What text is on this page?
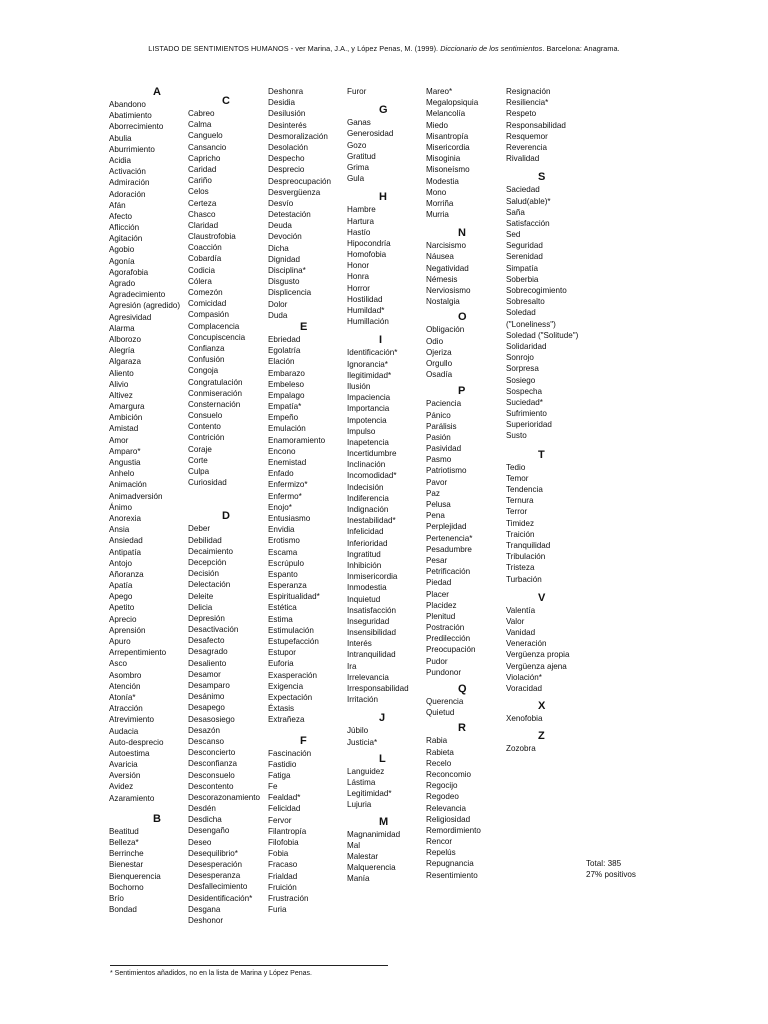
LISTADO DE SENTIMIENTOS HUMANOS - ver Marina, J.A., y López Penas, M. (1999). Diccionario de los sentimientos. Barcelona: Anagrama.
A
Abandono
Abatimiento
Aborrecimiento
Abulia
Aburrimiento
Acidia
Activación
Admiración
Adoración
Afán
Afecto
Aflicción
Agitación
Agobio
Agonía
Agorafobia
Agrado
Agradecimiento
Agresión (agredido)
Agresividad
Alarma
Alborozo
Alegría
Algaraza
Aliento
Alivio
Altivez
Amargura
Ambición
Amistad
Amor
Amparo*
Angustia
Anhelo
Animación
Animadversión
Ánimo
Anorexia
Ansia
Ansiedad
Antipatía
Antojo
Añoranza
Apatía
Apego
Apetito
Aprecio
Aprensión
Apuro
Arrepentimiento
Asco
Asombro
Atención
Atonía*
Atracción
Atrevimiento
Audacia
Auto-desprecio
Autoestima
Avaricia
Aversión
Avidez
Azaramiento
B
Beatitud
Belleza*
Berrinche
Bienestar
Bienquerencia
Bochorno
Brío
Bondad
C
Cabreo
Calma
Canguelo
Cansancio
Capricho
Caridad
Cariño
Celos
Certeza
Chasco
Claridad
Claustrofobia
Coacción
Cobardía
Codicia
Cólera
Comezón
Comicidad
Compasión
Complacencia
Concupiscencia
Confianza
Confusión
Congoja
Congratulación
Conmiseración
Consternación
Consuelo
Contento
Contrición
Coraje
Corte
Culpa
Curiosidad
D
Deber
Debilidad
Decaimiento
Decepción
Decisión
Delectación
Deleite
Delicia
Depresión
Desactivación
Desafecto
Desagrado
Desaliento
Desamor
Desamparo
Desánimo
Desapego
Desasosiego
Desazón
Descanso
Desconcierto
Desconfianza
Desconsuelo
Descontento
Descorazonamiento
Desdén
Desdicha
Desengaño
Deseo
Desequilibrio*
Desesperación
Desesperanza
Desfallecimiento
Desidentificación*
Desgana
Deshonor
Deshonra
Desidia
Desilusión
Desinterés
Desmoralización
Desolación
Despecho
Desprecio
Despreocupación
Desvergüenza
Desvío
Detestación
Deuda
Devoción
Dicha
Dignidad
Disciplina*
Disgusto
Displicencia
Dolor
Duda
E
Ebriedad
Egolatría
Elación
Embarazo
Embeleso
Empalago
Empatía*
Empeño
Emulación
Enamoramiento
Encono
Enemistad
Enfado
Enfermizo*
Enfermo*
Enojo*
Entusiasmo
Envidia
Erotismo
Escama
Escrúpulo
Espanto
Esperanza
Espiritualidad*
Estética
Estima
Estimulación
Estupefacción
Estupor
Euforia
Exasperación
Exigencia
Expectación
Éxtasis
Extrañeza
F
Fascinación
Fastidio
Fatiga
Fe
Fealdad*
Felicidad
Fervor
Filantropía
Filofobia
Fobia
Fracaso
Frialdad
Fruición
Frustración
Furia
Furor
G
Ganas
Generosidad
Gozo
Gratitud
Grima
Gula
H
Hambre
Hartura
Hastío
Hipocondría
Homofobia
Honor
Honra
Horror
Hostilidad
Humildad*
Humillación
I
Identificación*
Ignorancia*
Ilegitimidad*
Ilusión
Impaciencia
Importancia
Impotencia
Impulso
Inapetencia
Incertidumbre
Inclinación
Incomodidad*
Indecisión
Indiferencia
Indignación
Inestabilidad*
Infelicidad
Inferioridad
Ingratitud
Inhibición
Inmisericordia
Inmodestia
Inquietud
Insatisfacción
Inseguridad
Insensibilidad
Interés
Intranquilidad
Ira
Irrelevancia
Irresponsabilidad
Irritación
J
Júbilo
Justicia*
L
Languidez
Lástima
Legitimidad*
Lujuria
M
Magnanimidad
Mal
Malestar
Malquerencia
Manía
Mareo*
Megalopsiquia
Melancolía
Miedo
Misantropía
Misericordia
Misoginia
Misoneísmo
Modestia
Mono
Morriña
Murria
N
Narcisismo
Náusea
Negatividad
Némesis
Nerviosismo
Nostalgia
O
Obligación
Odio
Ojeriza
Orgullo
Osadía
P
Paciencia
Pánico
Parálisis
Pasión
Pasividad
Pasmo
Patriotismo
Pavor
Paz
Pelusa
Pena
Perplejidad
Pertenencia*
Pesadumbre
Pesar
Petrificación
Piedad
Placer
Placidez
Plenitud
Postración
Predilección
Preocupación
Pudor
Pundonor
Q
Querencia
Quietud
R
Rabia
Rabieta
Recelo
Reconcomio
Regocijo
Regodeo
Relevancia
Religiosidad
Remordimiento
Rencor
Repelús
Repugnancia
Resentimiento
Resignación
Resiliencia*
Respeto
Responsabilidad
Resquemor
Reverencia
Rivalidad
S
Saciedad
Salud(able)*
Saña
Satisfacción
Sed
Seguridad
Serenidad
Simpatía
Soberbia
Sobrecogimiento
Sobresalto
Soledad
("Loneliness")
Soledad ("Solitude")
Solidaridad
Sonrojo
Sorpresa
Sosiego
Sospecha
Suciedad*
Sufrimiento
Superioridad
Susto
T
Tedio
Temor
Tendencia
Ternura
Terror
Timidez
Traición
Tranquilidad
Tribulación
Tristeza
Turbación
V
Valentía
Valor
Vanidad
Veneración
Vergüenza propia
Vergüenza ajena
Violación*
Voracidad
X
Xenofobia
Z
Zozobra
Total: 385
27% positivos
* Sentimientos añadidos, no en la lista de Marina y López Penas.
